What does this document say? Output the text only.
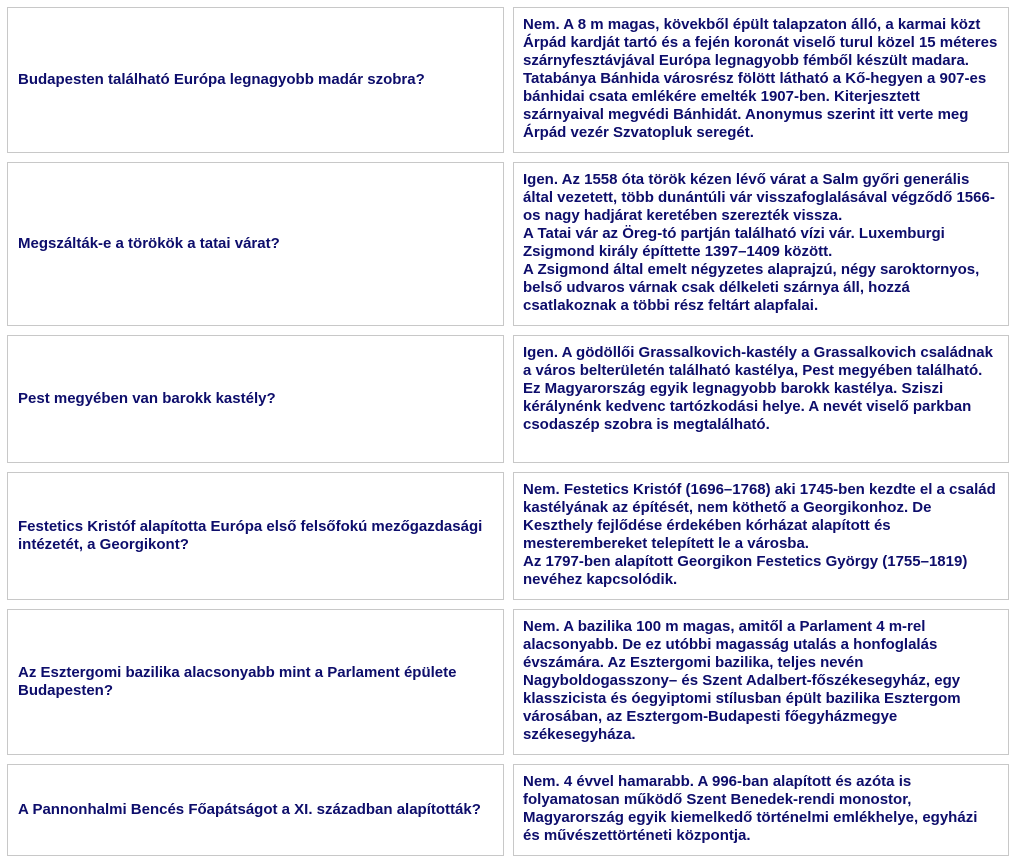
Budapesten található Európa legnagyobb madár szobra?
Nem. A 8 m magas, kövekből épült talapzaton álló, a karmai közt Árpád kardját tartó és a fején koronát viselő turul közel 15 méteres szárnyfesztávjával Európa legnagyobb fémből készült madara. Tatabánya Bánhida városrész fölött látható a Kő-hegyen a 907-es bánhidai csata emlékére emelték 1907-ben. Kiterjesztett szárnyaival megvédi Bánhidát. Anonymus szerint itt verte meg Árpád vezér Szvatopluk seregét.
Megszálták-e a törökök a tatai várat?
Igen. Az 1558 óta török kézen lévő várat a Salm győri generális által vezetett, több dunántúli vár visszafoglalásával végződő 1566-os nagy hadjárat keretében szerezték vissza.
A Tatai vár az Öreg-tó partján található vízi vár. Luxemburgi Zsigmond király építtette 1397–1409 között.
A Zsigmond által emelt négyzetes alaprajzú, négy saroktornyos, belső udvaros várnak csak délkeleti szárnya áll, hozzá csatlakoznak a többi rész feltárt alapfalai.
Pest megyében van barokk kastély?
Igen. A gödöllői Grassalkovich-kastély a Grassalkovich családnak a város belterületén található kastélya, Pest megyében található. Ez Magyarország egyik legnagyobb barokk kastélya. Sziszi kérálynénk kedvenc tartózkodási helye. A nevét viselő parkban csodaszép szobra is megtalálható.
Festetics Kristóf alapította Európa első felsőfokú mezőgazdasági intézetét, a Georgikont?
Nem. Festetics Kristóf (1696–1768) aki 1745-ben kezdte el a család kastélyának az építését, nem köthető a Georgikonhoz. De Keszthely fejlődése érdekében kórházat alapított és mesterembereket telepített le a városba.
Az 1797-ben alapított Georgikon Festetics György (1755–1819) nevéhez kapcsolódik.
Az Esztergomi bazilika alacsonyabb mint a Parlament épülete Budapesten?
Nem. A bazilika 100 m magas, amitől a Parlament 4 m-rel alacsonyabb. De ez utóbbi magasság utalás a honfoglalás évszámára. Az Esztergomi bazilika, teljes nevén Nagyboldogasszony– és Szent Adalbert-főszékesegyház, egy klasszicista és óegyiptomi stílusban épült bazilika Esztergom városában, az Esztergom-Budapesti főegyházmegye székesegyháza.
A Pannonhalmi Bencés Főapátságot a XI. században alapították?
Nem. 4 évvel hamarabb. A 996-ban alapított és azóta is folyamatosan működő Szent Benedek-rendi monostor, Magyarország egyik kiemelkedő történelmi emlékhelye, egyházi és művészettörténeti központja.
